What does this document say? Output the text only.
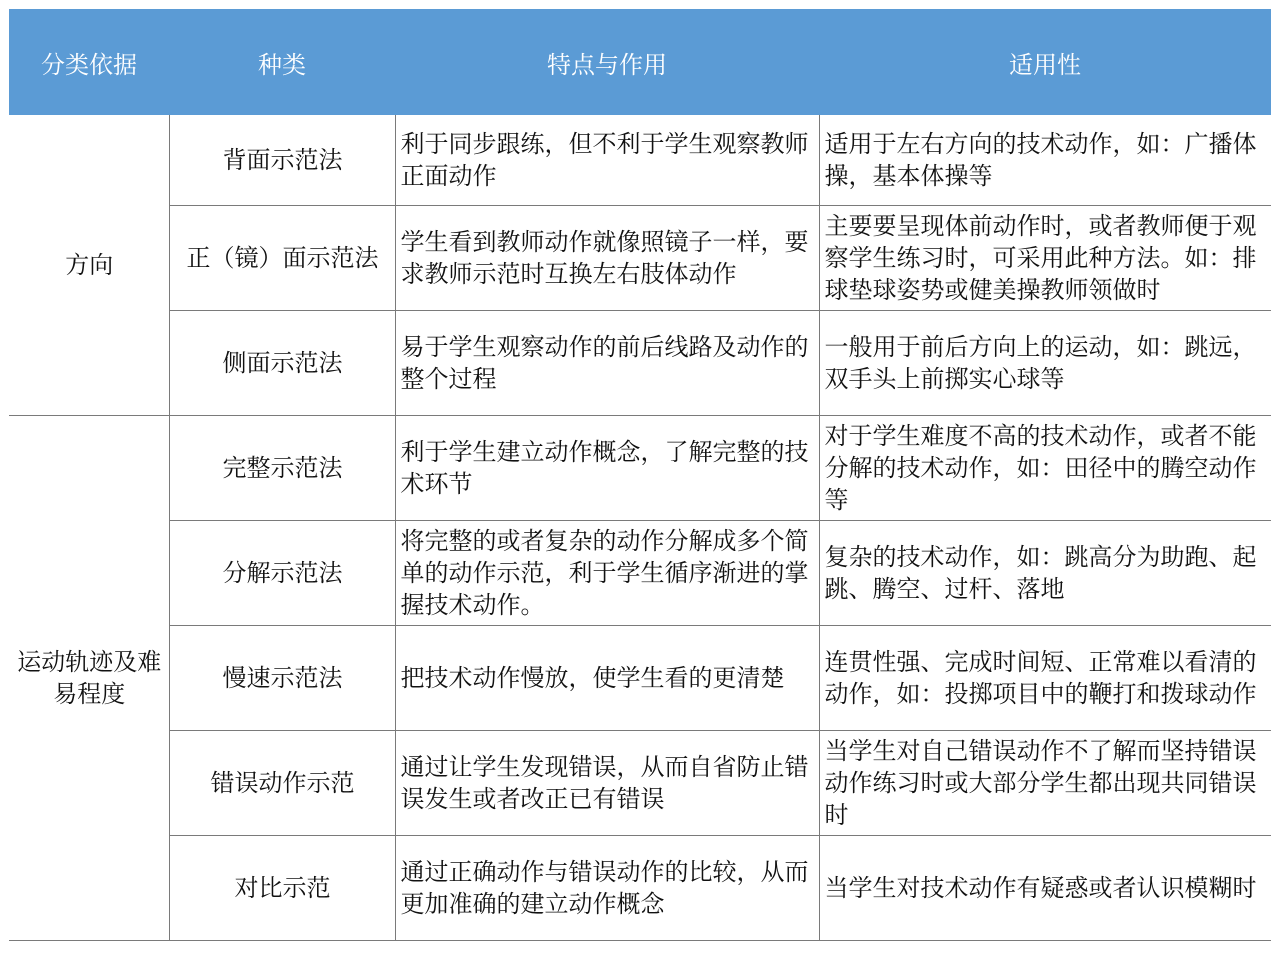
分类依据	种类	特点与作用	适用性
方向	背面示范法	利于同步跟练，但不利于学生观察教师正面动作	适用于左右方向的技术动作，如：广播体操，基本体操等
	正（镜）面示范法	学生看到教师动作就像照镜子一样，要求教师示范时互换左右肢体动作	主要要呈现体前动作时，或者教师便于观察学生练习时，可采用此种方法。如：排球垫球姿势或健美操教师领做时
	侧面示范法	易于学生观察动作的前后线路及动作的整个过程	一般用于前后方向上的运动，如：跳远，双手头上前掷实心球等
运动轨迹及难易程度	完整示范法	利于学生建立动作概念，了解完整的技术环节	对于学生难度不高的技术动作，或者不能分解的技术动作，如：田径中的腾空动作等
	分解示范法	将完整的或者复杂的动作分解成多个简单的动作示范，利于学生循序渐进的掌握技术动作。	复杂的技术动作，如：跳高分为助跑、起跳、腾空、过杆、落地
	慢速示范法	把技术动作慢放，使学生看的更清楚	连贯性强、完成时间短、正常难以看清的动作，如：投掷项目中的鞭打和拨球动作
	错误动作示范	通过让学生发现错误，从而自省防止错误发生或者改正已有错误	当学生对自己错误动作不了解而坚持错误动作练习时或大部分学生都出现共同错误时
	对比示范	通过正确动作与错误动作的比较，从而更加准确的建立动作概念	当学生对技术动作有疑惑或者认识模糊时
